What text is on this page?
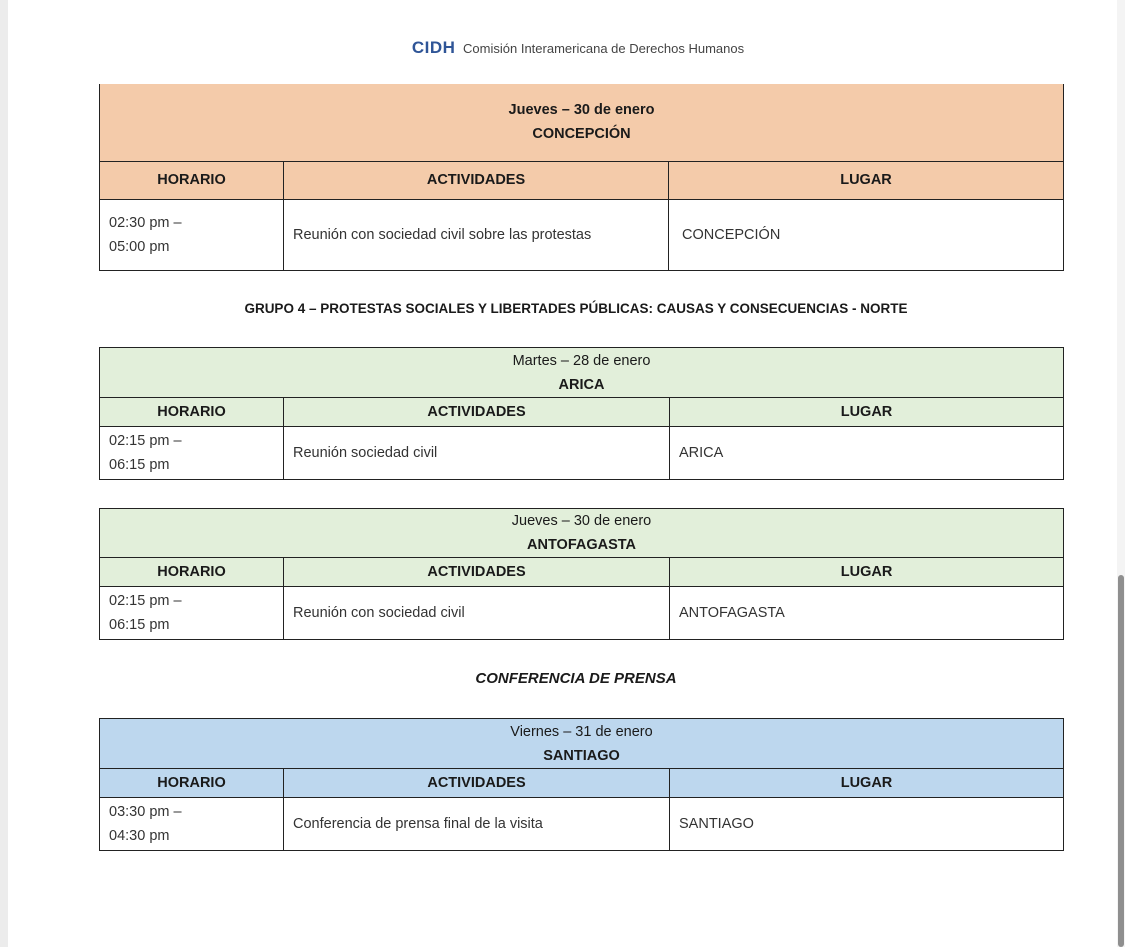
CIDH Comisión Interamericana de Derechos Humanos
Jueves – 30 de enero
CONCEPCIÓN		

HORARIO	ACTIVIDADES	LUGAR

02:30 pm –
05:00 pm	Reunión con sociedad civil sobre las protestas	CONCEPCIÓN
GRUPO 4 – PROTESTAS SOCIALES Y LIBERTADES PÚBLICAS: CAUSAS Y CONSECUENCIAS - NORTE
Martes – 28 de enero
ARICA		

HORARIO	ACTIVIDADES	LUGAR

02:15 pm –
06:15 pm	Reunión sociedad civil	ARICA
Jueves – 30 de enero
ANTOFAGASTA		

HORARIO	ACTIVIDADES	LUGAR

02:15 pm –
06:15 pm	Reunión con sociedad civil	ANTOFAGASTA
CONFERENCIA DE PRENSA
Viernes – 31 de enero
SANTIAGO		

HORARIO	ACTIVIDADES	LUGAR

03:30 pm –
04:30 pm	Conferencia de prensa final de la visita	SANTIAGO
